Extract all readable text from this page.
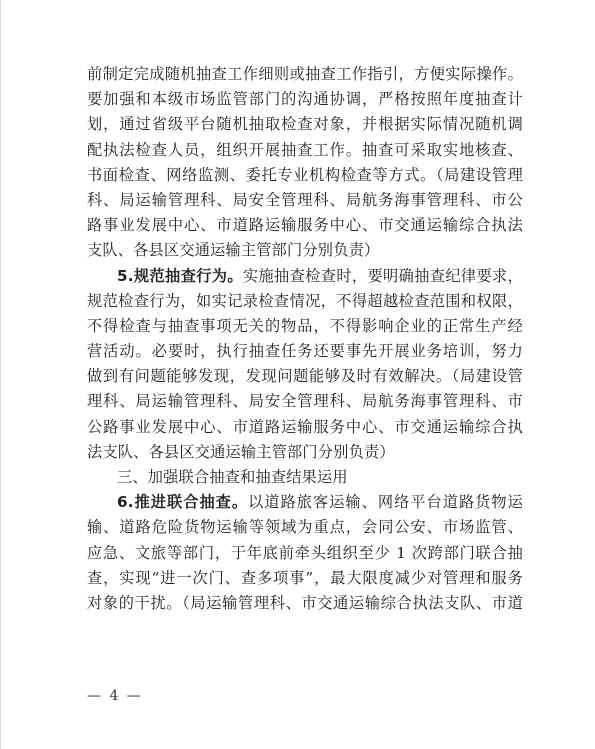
前制定完成随机抽查工作细则或抽查工作指引，方便实际操作。
要加强和本级市场监管部门的沟通协调，严格按照年度抽查计
划，通过省级平台随机抽取检查对象，并根据实际情况随机调
配执法检查人员，组织开展抽查工作。抽查可采取实地核查、
书面检查、网络监测、委托专业机构检查等方式。（局建设管理
科、局运输管理科、局安全管理科、局航务海事管理科、市公
路事业发展中心、市道路运输服务中心、市交通运输综合执法
支队、各县区交通运输主管部门分别负责）
5.规范抽查行为。实施抽查检查时，要明确抽查纪律要求，
规范检查行为，如实记录检查情况，不得超越检查范围和权限，
不得检查与抽查事项无关的物品，不得影响企业的正常生产经
营活动。必要时，执行抽查任务还要事先开展业务培训，努力
做到有问题能够发现，发现问题能够及时有效解决。（局建设管
理科、局运输管理科、局安全管理科、局航务海事管理科、市
公路事业发展中心、市道路运输服务中心、市交通运输综合执
法支队、各县区交通运输主管部门分别负责）
三、加强联合抽查和抽查结果运用
6.推进联合抽查。以道路旅客运输、网络平台道路货物运
输、道路危险货物运输等领域为重点，会同公安、市场监管、
应急、文旅等部门，于年底前牵头组织至少 1 次跨部门联合抽
查，实现“进一次门、查多项事”，最大限度减少对管理和服务
对象的干扰。（局运输管理科、市交通运输综合执法支队、市道
— 4 —
